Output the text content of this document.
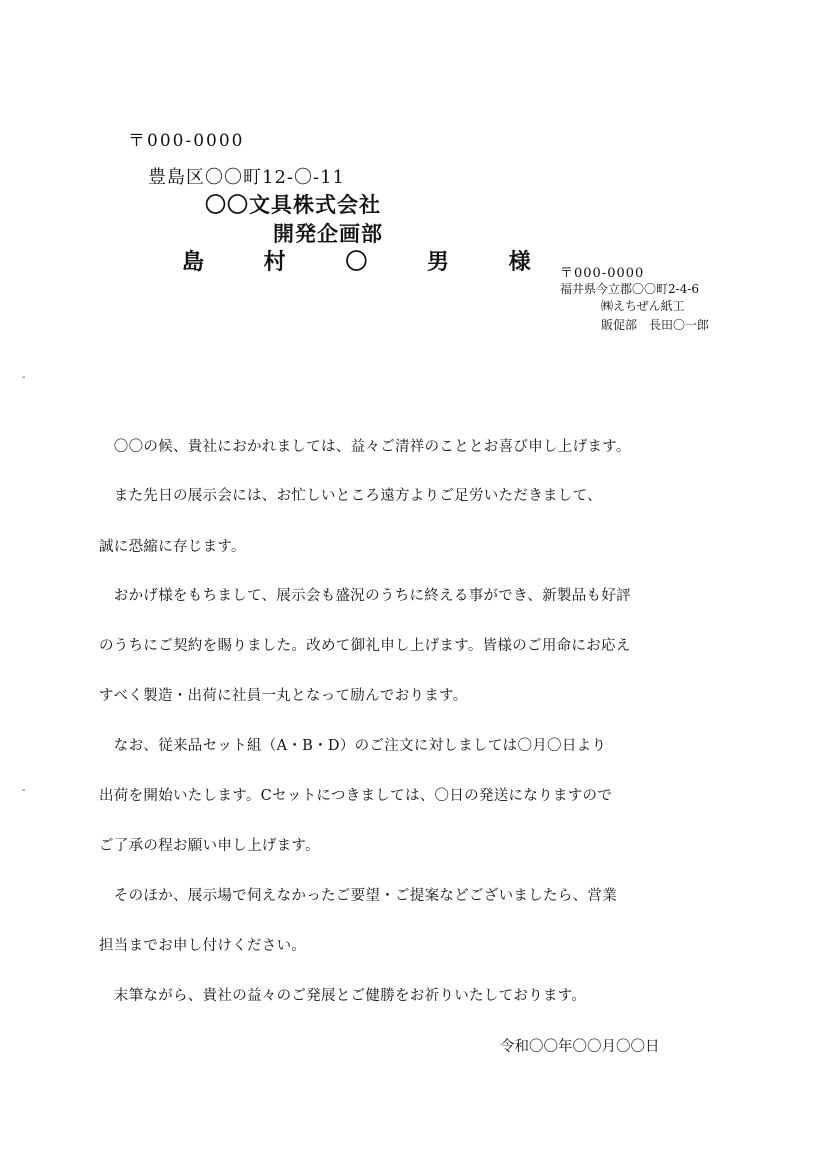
〒000-0000
豊島区〇〇町12-〇-11
〇〇文具株式会社
開発企画部
島 村 〇 男 様 〒000-0000
福井県今立郡〇〇町2-4-6
㈱えちぜん紙工
販促部　長田〇一郎
-
-
　〇〇の候、貴社におかれましては、益々ご清祥のこととお喜び申し上げます。
　また先日の展示会には、お忙しいところ遠方よりご足労いただきまして、
誠に恐縮に存じます。
　おかげ様をもちまして、展示会も盛況のうちに終える事ができ、新製品も好評
のうちにご契約を賜りました。改めて御礼申し上げます。皆様のご用命にお応え
すべく製造・出荷に社員一丸となって励んでおります。
　なお、従来品セット組（A・B・D）のご注文に対しましては〇月〇日より
出荷を開始いたします。Cセットにつきましては、〇日の発送になりますので
ご了承の程お願い申し上げます。
　そのほか、展示場で伺えなかったご要望・ご提案などございましたら、営業
担当までお申し付けください。
　末筆ながら、貴社の益々のご発展とご健勝をお祈りいたしております。
令和〇〇年〇〇月〇〇日
